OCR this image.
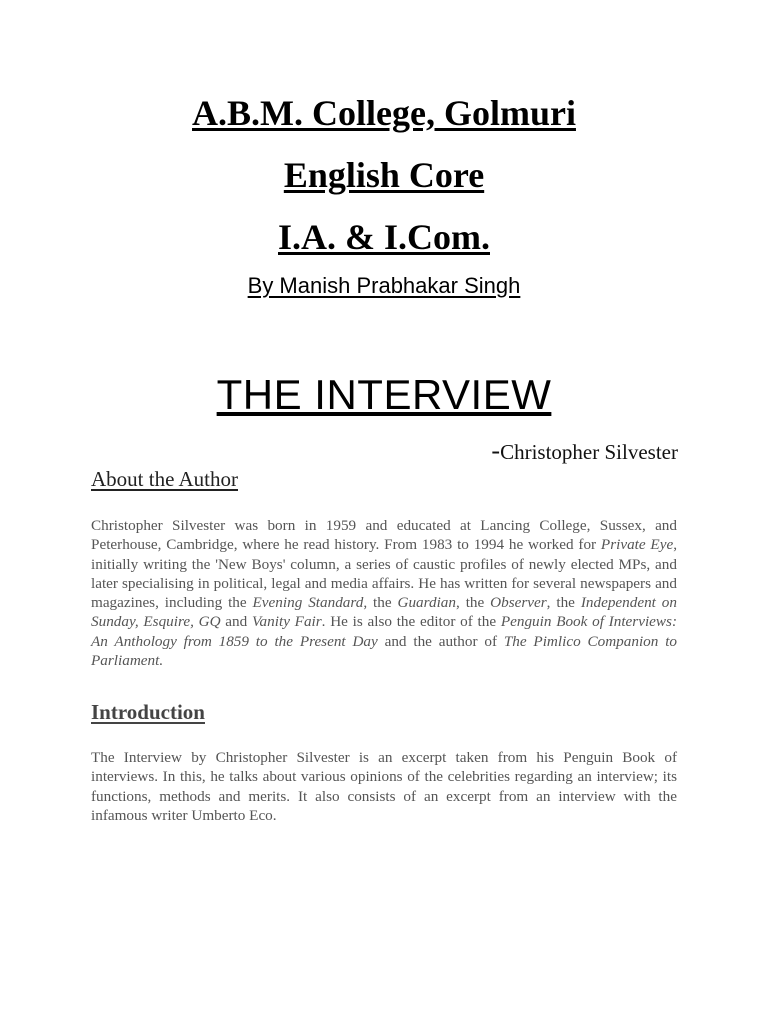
A.B.M. College, Golmuri
English Core
I.A. & I.Com.
By Manish Prabhakar Singh
THE INTERVIEW
-Christopher Silvester
About the Author

Christopher Silvester was born in 1959 and educated at Lancing College, Sussex, and Peterhouse, Cambridge, where he read history. From 1983 to 1994 he worked for Private Eye, initially writing the 'New Boys' column, a series of caustic profiles of newly elected MPs, and later specialising in political, legal and media affairs. He has written for several newspapers and magazines, including the Evening Standard, the Guardian, the Observer, the Independent on Sunday, Esquire, GQ and Vanity Fair. He is also the editor of the Penguin Book of Interviews: An Anthology from 1859 to the Present Day and the author of The Pimlico Companion to Parliament.

Introduction

The Interview by Christopher Silvester is an excerpt taken from his Penguin Book of interviews. In this, he talks about various opinions of the celebrities regarding an interview; its functions, methods and merits. It also consists of an excerpt from an interview with the infamous writer Umberto Eco.
